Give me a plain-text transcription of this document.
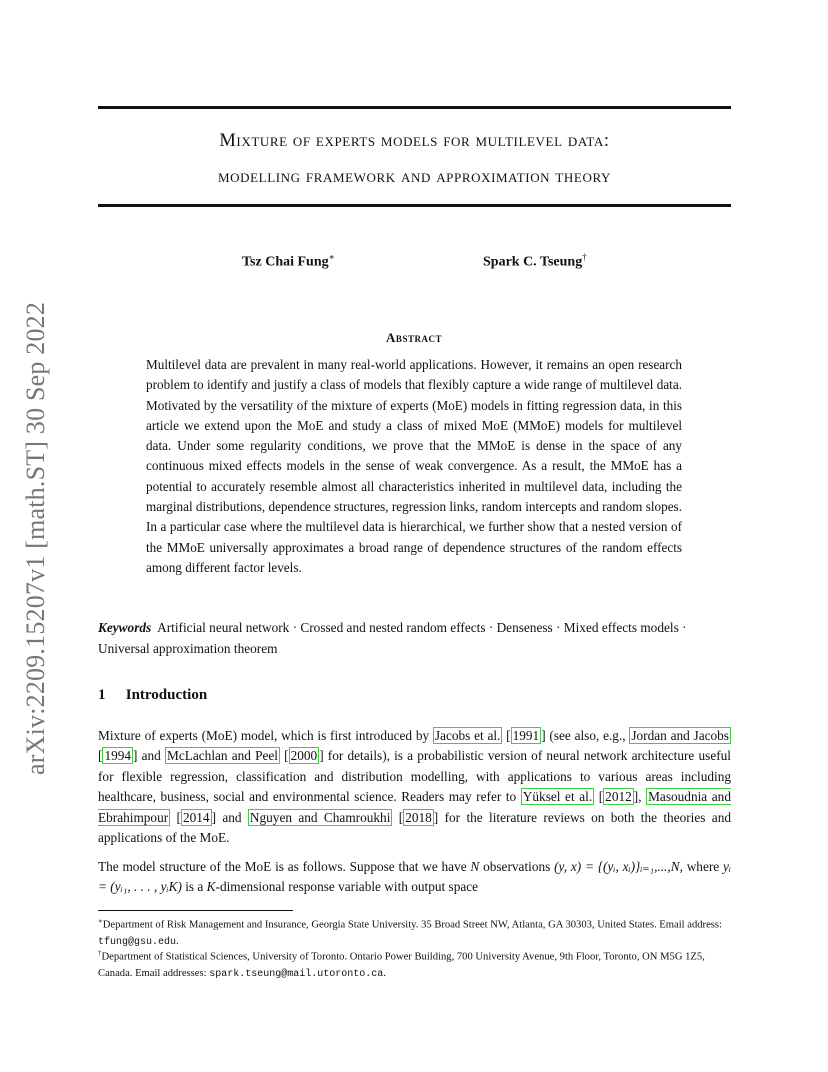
arXiv:2209.15207v1 [math.ST] 30 Sep 2022
Mixture of experts models for multilevel data:
modelling framework and approximation theory
Tsz Chai Fung∗	Spark C. Tseung†
Abstract
Multilevel data are prevalent in many real-world applications. However, it remains an open research problem to identify and justify a class of models that flexibly capture a wide range of multilevel data. Motivated by the versatility of the mixture of experts (MoE) models in fitting regression data, in this article we extend upon the MoE and study a class of mixed MoE (MMoE) models for multilevel data. Under some regularity conditions, we prove that the MMoE is dense in the space of any continuous mixed effects models in the sense of weak convergence. As a result, the MMoE has a potential to accurately resemble almost all characteristics inherited in multilevel data, including the marginal distributions, dependence structures, regression links, random intercepts and random slopes. In a particular case where the multilevel data is hierarchical, we further show that a nested version of the MMoE universally approximates a broad range of dependence structures of the random effects among different factor levels.
Keywords Artificial neural network · Crossed and nested random effects · Denseness · Mixed effects models · Universal approximation theorem
1 Introduction
Mixture of experts (MoE) model, which is first introduced by Jacobs et al. [ 1991 ] (see also, e.g., Jordan and Jacobs [ 1994 ] and McLachlan and Peel [ 2000 ] for details), is a probabilistic version of neural network architecture useful for flexible regression, classification and distribution modelling, with applications to various areas including healthcare, business, social and environmental science. Readers may refer to Yüksel et al. [ 2012 ], Masoudnia and Ebrahimpour [ 2014 ] and Nguyen and Chamroukhi [ 2018 ] for the literature reviews on both the theories and applications of the MoE.
The model structure of the MoE is as follows. Suppose that we have N observations (y, x) = {(yᵢ, xᵢ)}ᵢ₌₁,...,N, where yᵢ = (yᵢ₁, . . . , yᵢK) is a K-dimensional response variable with output space
∗Department of Risk Management and Insurance, Georgia State University. 35 Broad Street NW, Atlanta, GA 30303, United States. Email address: tfung@gsu.edu.
†Department of Statistical Sciences, University of Toronto. Ontario Power Building, 700 University Avenue, 9th Floor, Toronto, ON M5G 1Z5, Canada. Email addresses: spark.tseung@mail.utoronto.ca.
